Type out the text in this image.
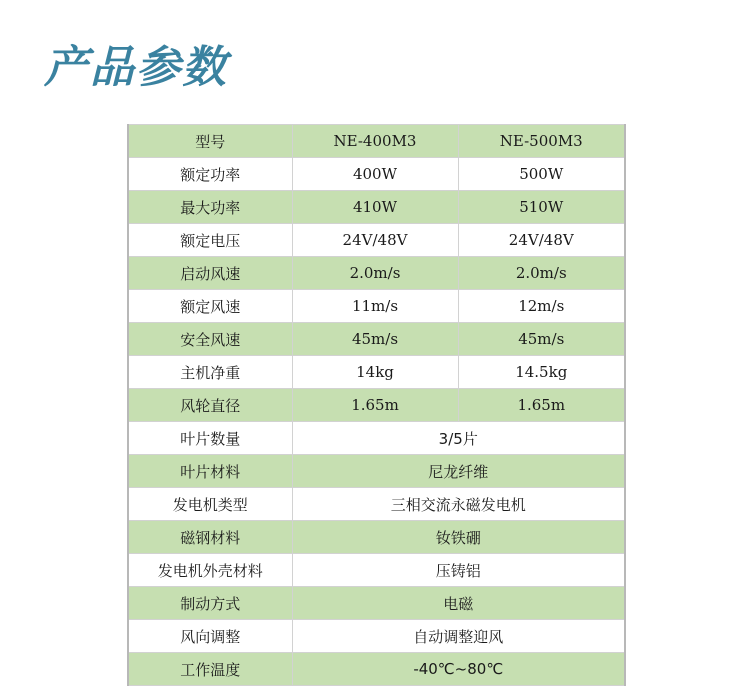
产品参数
型号	NE-400M3	NE-500M3
额定功率	400W	500W
最大功率	410W	510W
额定电压	24V/48V	24V/48V
启动风速	2.0m/s	2.0m/s
额定风速	11m/s	12m/s
安全风速	45m/s	45m/s
主机净重	14kg	14.5kg
风轮直径	1.65m	1.65m
叶片数量	3/5片	
叶片材料	尼龙纤维	
发电机类型	三相交流永磁发电机	
磁钢材料	钕铁硼	
发电机外壳材料	压铸铝	
制动方式	电磁	
风向调整	自动调整迎风	
工作温度	-40℃~80℃	
